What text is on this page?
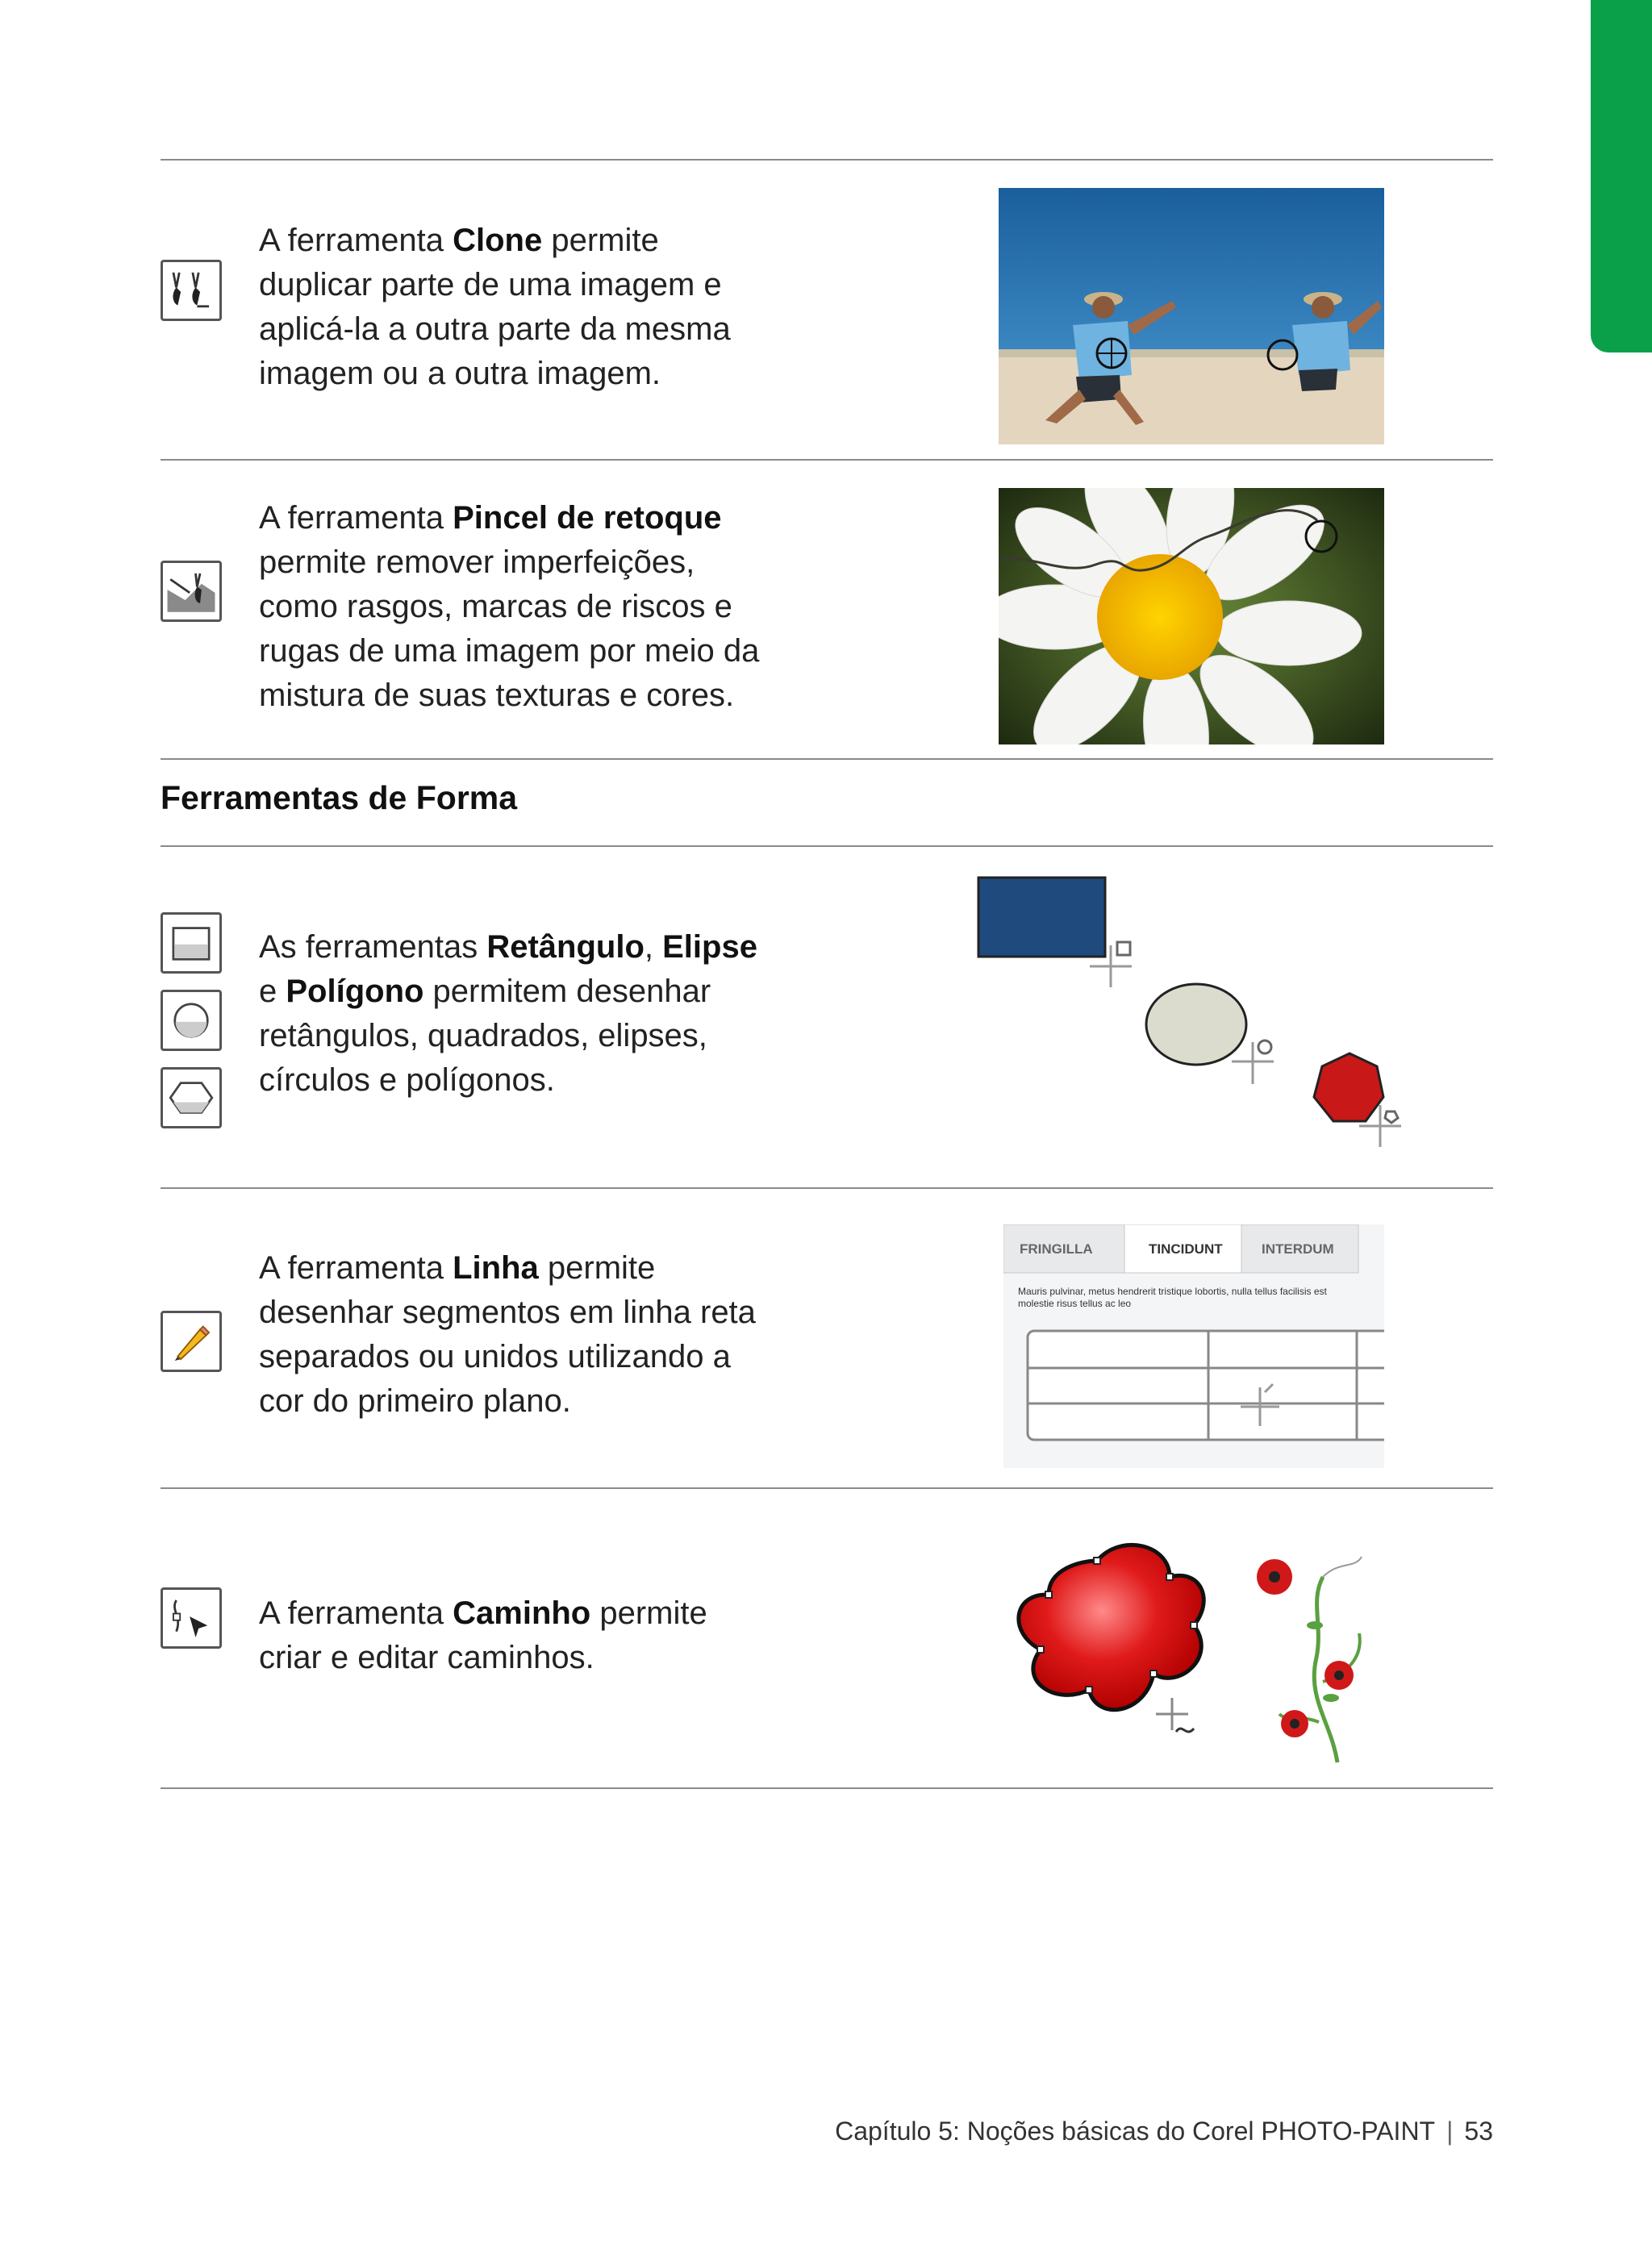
A ferramenta Clone permite duplicar parte de uma imagem e aplicá-la a outra parte da mesma imagem ou a outra imagem.
A ferramenta Pincel de retoque permite remover imperfeições, como rasgos, marcas de riscos e rugas de uma imagem por meio da mistura de suas texturas e cores.
Ferramentas de Forma
As ferramentas Retângulo, Elipse e Polígono permitem desenhar retângulos, quadrados, elipses, círculos e polígonos.
A ferramenta Linha permite desenhar segmentos em linha reta separados ou unidos utilizando a cor do primeiro plano.
FRINGILLA	TINCIDUNT	INTERDUM
Mauris pulvinar, metus hendrerit tristique lobortis, nulla tellus facilisis est
molestie risus tellus ac leo
A ferramenta Caminho permite criar e editar caminhos.
Capítulo 5: Noções básicas do Corel PHOTO-PAINT | 53
